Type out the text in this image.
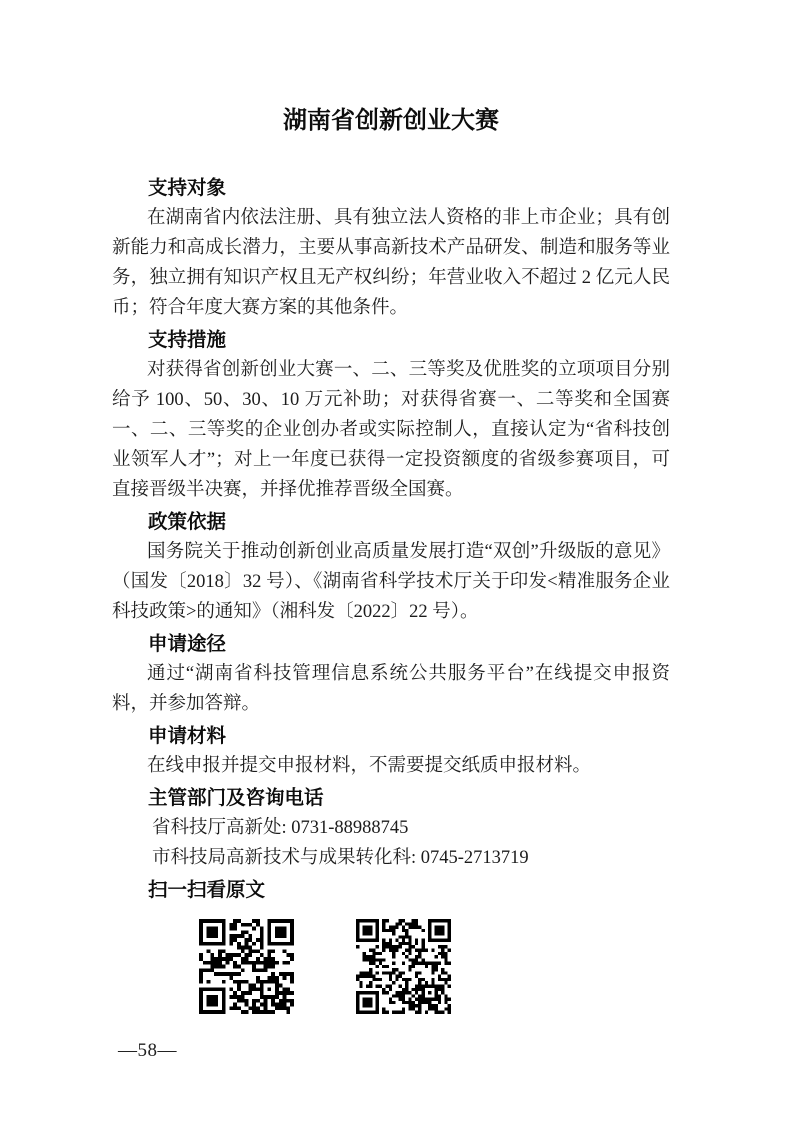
湖南省创新创业大赛
支持对象

在湖南省内依法注册、具有独立法人资格的非上市企业；具有创新能力和高成长潜力，主要从事高新技术产品研发、制造和服务等业务，独立拥有知识产权且无产权纠纷；年营业收入不超过 2 亿元人民币；符合年度大赛方案的其他条件。

支持措施

对获得省创新创业大赛一、二、三等奖及优胜奖的立项项目分别给予 100、50、30、10 万元补助；对获得省赛一、二等奖和全国赛一、二、三等奖的企业创办者或实际控制人，直接认定为“省科技创业领军人才”；对上一年度已获得一定投资额度的省级参赛项目，可直接晋级半决赛，并择优推荐晋级全国赛。

政策依据

国务院关于推动创新创业高质量发展打造“双创”升级版的意见》（国发〔2018〕32 号）、《湖南省科学技术厅关于印发<精准服务企业科技政策>的通知》（湘科发〔2022〕22 号）。

申请途径

通过“湖南省科技管理信息系统公共服务平台”在线提交申报资料，并参加答辩。

申请材料

在线申报并提交申报材料，不需要提交纸质申报材料。

主管部门及咨询电话

省科技厅高新处: 0731-88988745

市科技局高新技术与成果转化科: 0745-2713719

扫一扫看原文
—58—
